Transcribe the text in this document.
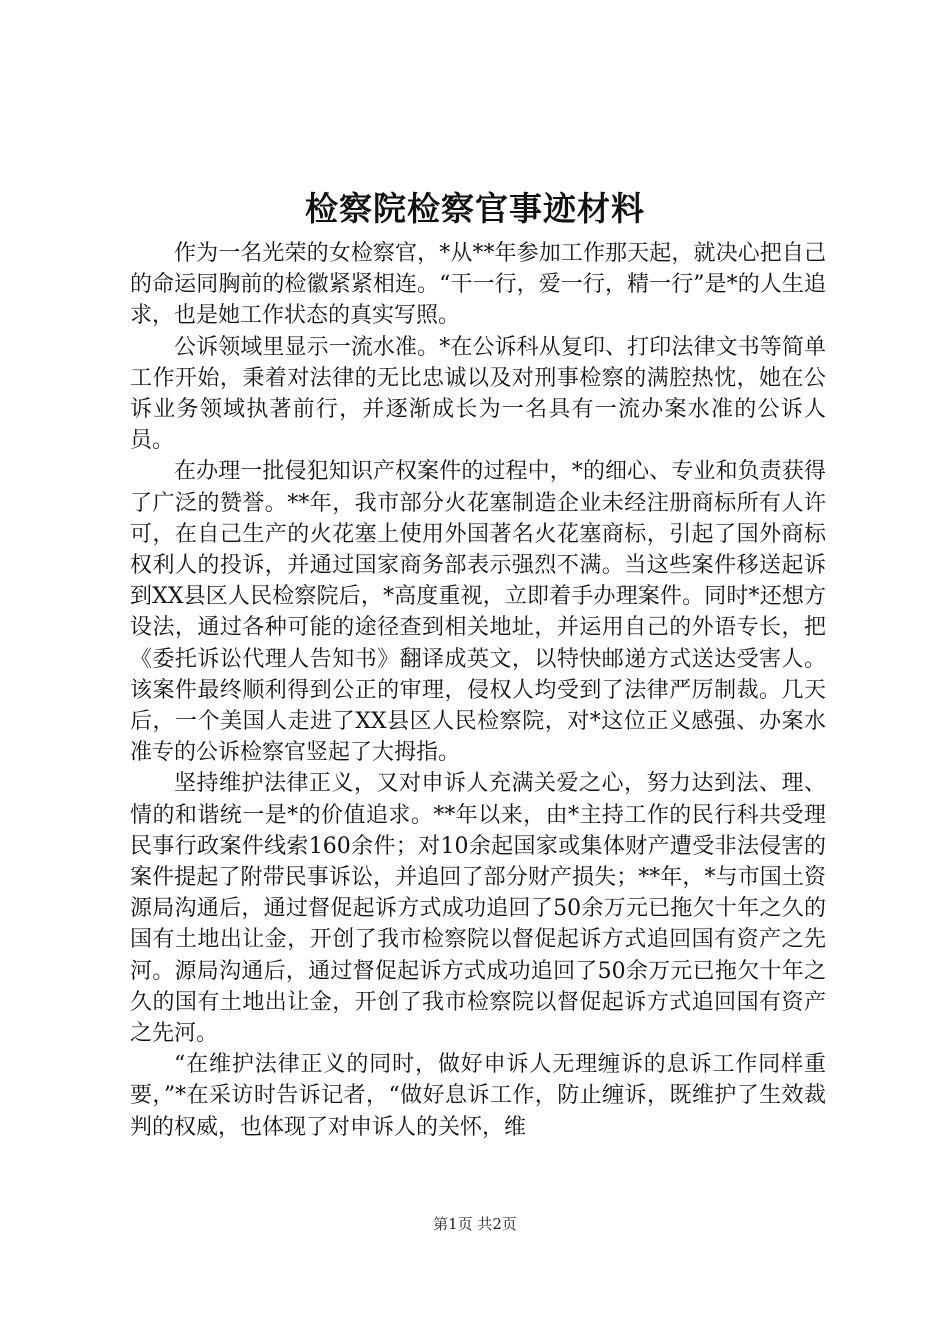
检察院检察官事迹材料

作为一名光荣的女检察官，*从**年参加工作那天起，就决心把自己的命运同胸前的检徽紧紧相连。“干一行，爱一行，精一行”是*的人生追求，也是她工作状态的真实写照。

公诉领域里显示一流水准。*在公诉科从复印、打印法律文书等简单工作开始，秉着对法律的无比忠诚以及对刑事检察的满腔热忱，她在公诉业务领域执著前行，并逐渐成长为一名具有一流办案水准的公诉人员。

在办理一批侵犯知识产权案件的过程中，*的细心、专业和负责获得了广泛的赞誉。**年，我市部分火花塞制造企业未经注册商标所有人许可，在自己生产的火花塞上使用外国著名火花塞商标，引起了国外商标权利人的投诉，并通过国家商务部表示强烈不满。当这些案件移送起诉到XX县区人民检察院后，*高度重视，立即着手办理案件。同时*还想方设法，通过各种可能的途径查到相关地址，并运用自己的外语专长，把《委托诉讼代理人告知书》翻译成英文，以特快邮递方式送达受害人。该案件最终顺利得到公正的审理，侵权人均受到了法律严厉制裁。几天后，一个美国人走进了XX县区人民检察院，对*这位正义感强、办案水准专的公诉检察官竖起了大拇指。

坚持维护法律正义，又对申诉人充满关爱之心，努力达到法、理、情的和谐统一是*的价值追求。**年以来，由*主持工作的民行科共受理民事行政案件线索160余件；对10余起国家或集体财产遭受非法侵害的案件提起了附带民事诉讼，并追回了部分财产损失；**年，*与市国土资源局沟通后，通过督促起诉方式成功追回了50余万元已拖欠十年之久的国有土地出让金，开创了我市检察院以督促起诉方式追回国有资产之先河。源局沟通后，通过督促起诉方式成功追回了50余万元已拖欠十年之久的国有土地出让金，开创了我市检察院以督促起诉方式追回国有资产之先河。

“在维护法律正义的同时，做好申诉人无理缠诉的息诉工作同样重要，”*在采访时告诉记者，“做好息诉工作，防止缠诉，既维护了生效裁判的权威，也体现了对申诉人的关怀，维

第1页 共2页
